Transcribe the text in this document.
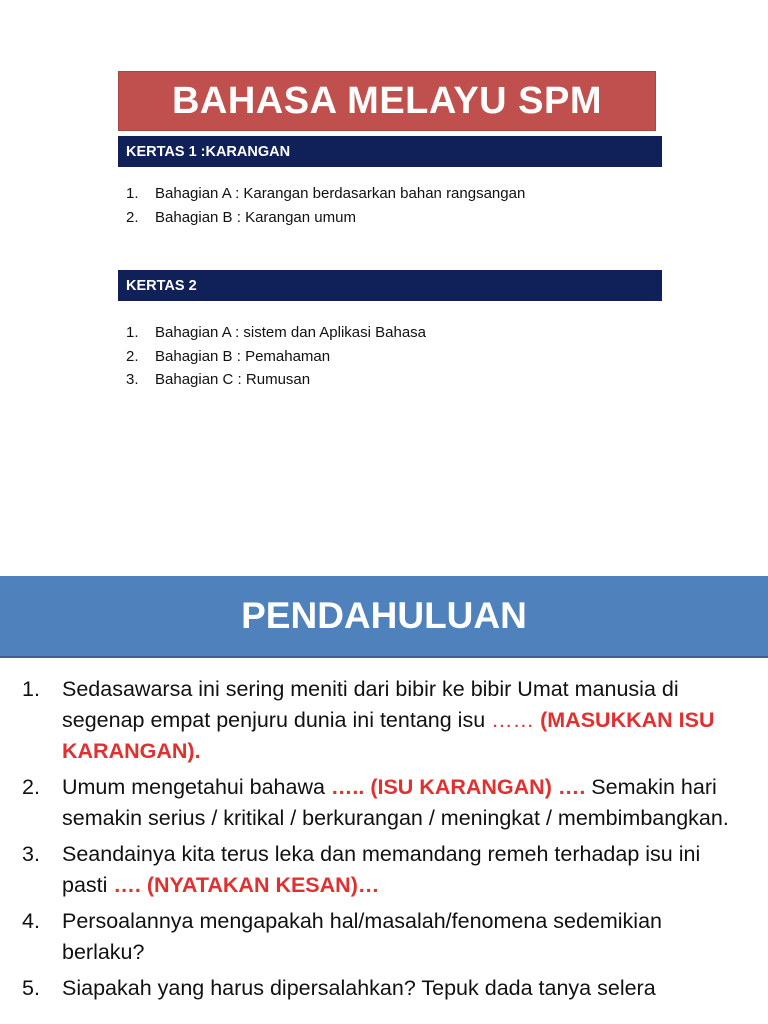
BAHASA MELAYU SPM
KERTAS 1 :KARANGAN
1.	Bahagian A : Karangan berdasarkan bahan rangsangan
2.	Bahagian B : Karangan umum
KERTAS 2
1.	Bahagian A : sistem dan Aplikasi Bahasa
2.	Bahagian B : Pemahaman
3.	Bahagian C : Rumusan
PENDAHULUAN
1.	Sedasawarsa ini sering meniti dari bibir ke bibir Umat manusia di segenap empat penjuru dunia ini tentang isu …… (MASUKKAN ISU KARANGAN).
2.	Umum mengetahui bahawa ….. (ISU KARANGAN) …. Semakin hari semakin serius / kritikal / berkurangan / meningkat / membimbangkan.
3.	Seandainya kita terus leka dan memandang remeh terhadap isu ini pasti …. (NYATAKAN KESAN)…
4.	Persoalannya mengapakah hal/masalah/fenomena sedemikian berlaku?
5.	Siapakah yang harus dipersalahkan? Tepuk dada tanya selera
